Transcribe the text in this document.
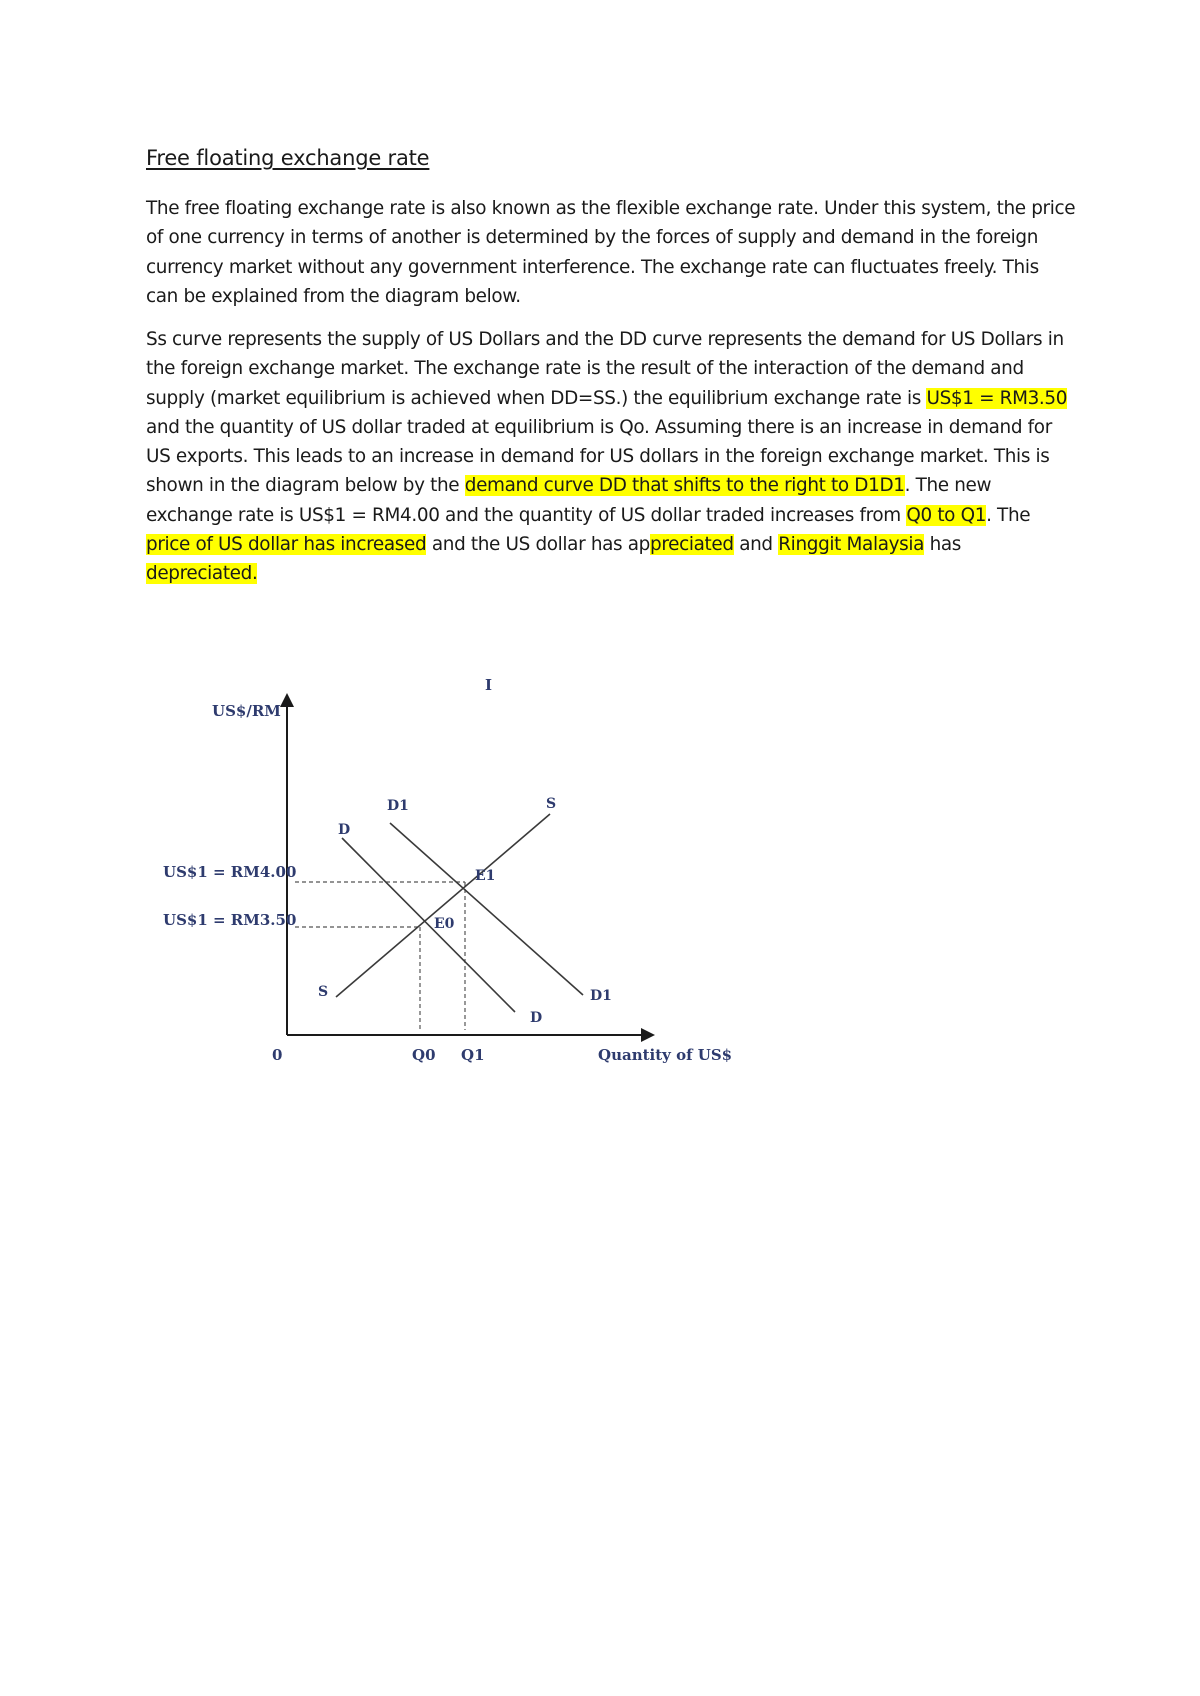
Free floating exchange rate

The free floating exchange rate is also known as the flexible exchange rate. Under this system, the price of one currency in terms of another is determined by the forces of supply and demand in the foreign currency market without any government interference. The exchange rate can fluctuates freely. This can be explained from the diagram below.

Ss curve represents the supply of US Dollars and the DD curve represents the demand for US Dollars in the foreign exchange market. The exchange rate is the result of the interaction of the demand and supply (market equilibrium is achieved when DD=SS.) the equilibrium exchange rate is US$1 = RM3.50 and the quantity of US dollar traded at equilibrium is Qo. Assuming there is an increase in demand for US exports. This leads to an increase in demand for US dollars in the foreign exchange market. This is shown in the diagram below by the demand curve DD that shifts to the right to D1D1. The new exchange rate is US$1 = RM4.00 and the quantity of US dollar traded increases from Q0 to Q1. The price of US dollar has increased and the US dollar has appreciated and Ringgit Malaysia has depreciated.

I
US$/RM
Quantity of US$
0
US$1 = RM4.00
US$1 = RM3.50
Q0 Q1
E0
E1
D
D
D1
D1
S
S
